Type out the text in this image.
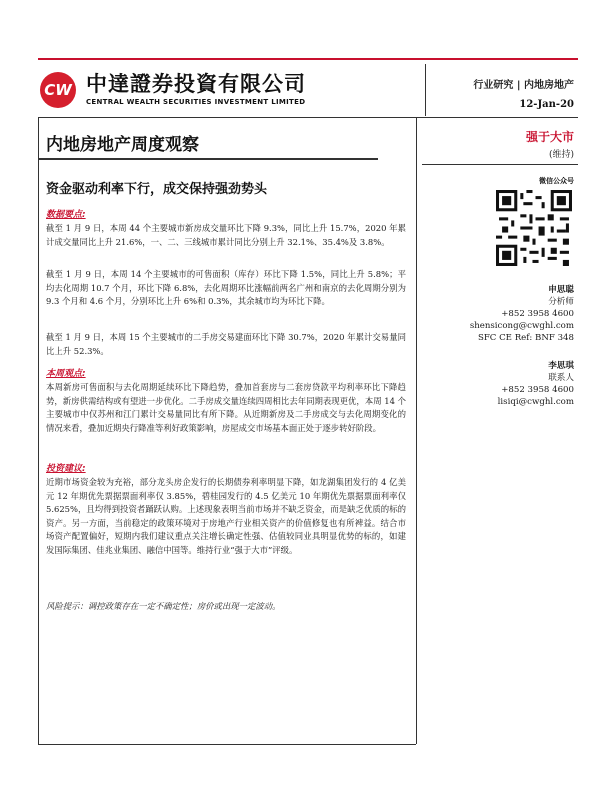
CW 中達證券投資有限公司
CENTRAL WEALTH SECURITIES INVESTMENT LIMITED
行业研究 | 内地房地产
12-Jan-20
内地房地产周度观察
资金驱动利率下行，成交保持强劲势头
数据要点:
截至 1 月 9 日，本周 44 个主要城市新房成交量环比下降 9.3%，同比上升 15.7%，2020 年累计成交量同比上升 21.6%，一、二、三线城市累计同比分别上升 32.1%、35.4%及 3.8%。
截至 1 月 9 日，本周 14 个主要城市的可售面积（库存）环比下降 1.5%，同比上升 5.8%；平均去化周期 10.7 个月，环比下降 6.8%，去化周期环比涨幅前两名广州和南京的去化周期分别为 9.3 个月和 4.6 个月，分别环比上升 6%和 0.3%，其余城市均为环比下降。
截至 1 月 9 日，本周 15 个主要城市的二手房交易建面环比下降 30.7%，2020 年累计交易量同比上升 52.3%。
本周观点:
本周新房可售面积与去化周期延续环比下降趋势，叠加首套房与二套房贷款平均利率环比下降趋势，新房供需结构或有望进一步优化。二手房成交量连续四周相比去年同期表现更优，本周 14 个主要城市中仅苏州和江门累计交易量同比有所下降。从近期新房及二手房成交与去化周期变化的情况来看，叠加近期央行降准等利好政策影响，房屋成交市场基本面正处于逐步转好阶段。
投资建议:
近期市场资金较为充裕，部分龙头房企发行的长期债券利率明显下降，如龙湖集团发行的 4 亿美元 12 年期优先票据票面利率仅 3.85%，碧桂园发行的 4.5 亿美元 10 年期优先票据票面利率仅 5.625%，且均得到投资者踊跃认购。上述现象表明当前市场并不缺乏资金，而是缺乏优质的标的资产。另一方面，当前稳定的政策环境对于房地产行业相关资产的价值修复也有所裨益。结合市场资产配置偏好，短期内我们建议重点关注增长确定性强、估值较同业具明显优势的标的，如建发国际集团、佳兆业集团、融信中国等。维持行业“强于大市”评级。
风险提示：调控政策存在一定不确定性；房价或出现一定波动。
强于大市
(维持)
微信公众号
申思聪
分析师
+852 3958 4600
shensicong@cwghl.com
SFC CE Ref: BNF 348
李思琪
联系人
+852 3958 4600
lisiqi@cwghl.com
